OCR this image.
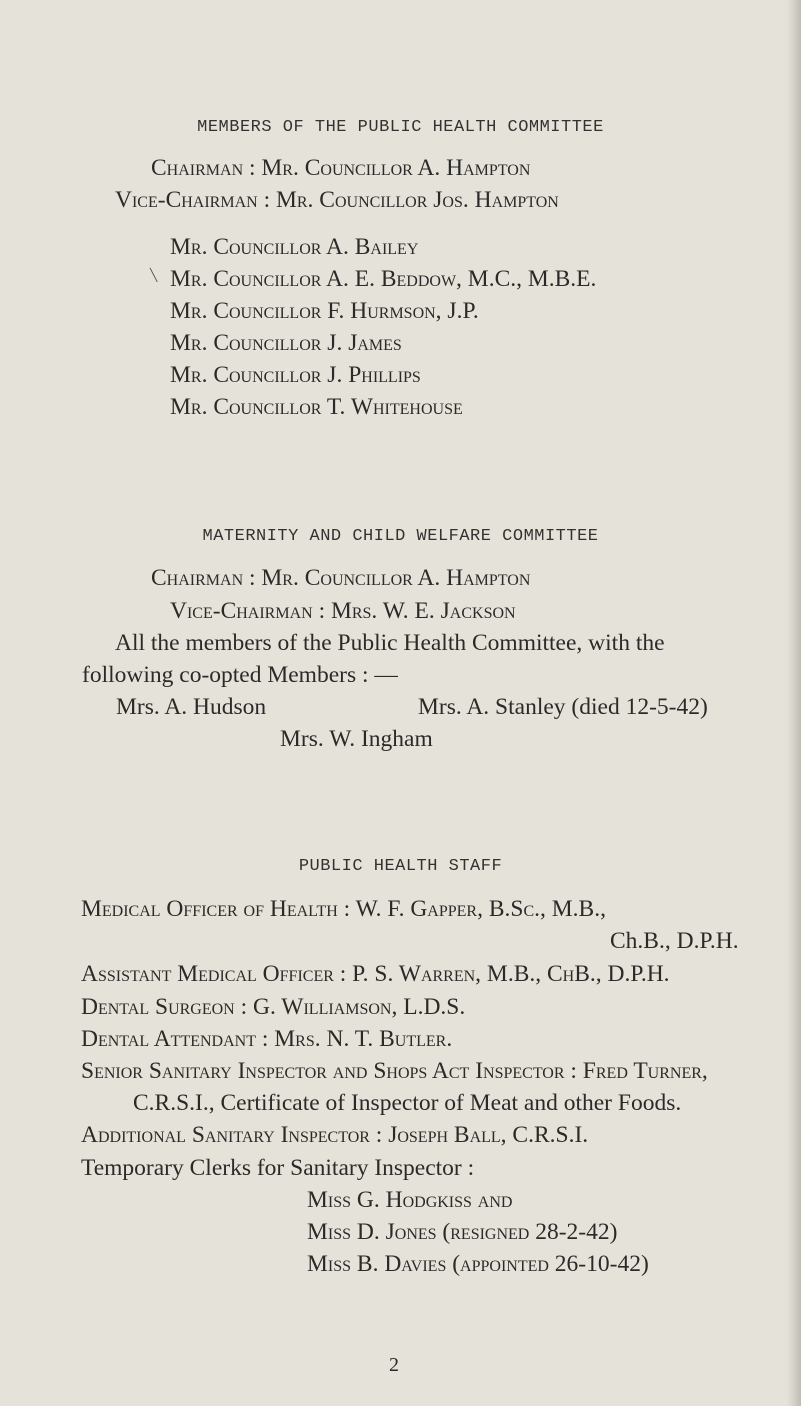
MEMBERS OF THE PUBLIC HEALTH COMMITTEE
Chairman : Mr. Councillor A. Hampton
Vice-Chairman : Mr. Councillor Jos. Hampton
╲
Mr. Councillor A. Bailey
Mr. Councillor A. E. Beddow, M.C., M.B.E.
Mr. Councillor F. Hurmson, J.P.
Mr. Councillor J. James
Mr. Councillor J. Phillips
Mr. Councillor T. Whitehouse
MATERNITY AND CHILD WELFARE COMMITTEE
Chairman : Mr. Councillor A. Hampton
Vice-Chairman : Mrs. W. E. Jackson
All the members of the Public Health Committee, with the
following co-opted Members : —
Mrs. A. Hudson	Mrs. A. Stanley (died 12-5-42)
Mrs. W. Ingham
PUBLIC HEALTH STAFF
Medical Officer of Health : W. F. Gapper, B.Sc., M.B.,
Ch.B., D.P.H.
Assistant Medical Officer : P. S. Warren, M.B., ChB., D.P.H.
Dental Surgeon : G. Williamson, L.D.S.
Dental Attendant : Mrs. N. T. Butler.
Senior Sanitary Inspector and Shops Act Inspector : Fred Turner,
C.R.S.I., Certificate of Inspector of Meat and other Foods.
Additional Sanitary Inspector : Joseph Ball, C.R.S.I.
Temporary Clerks for Sanitary Inspector :
Miss G. Hodgkiss and
Miss D. Jones (resigned 28-2-42)
Miss B. Davies (appointed 26-10-42)
2
